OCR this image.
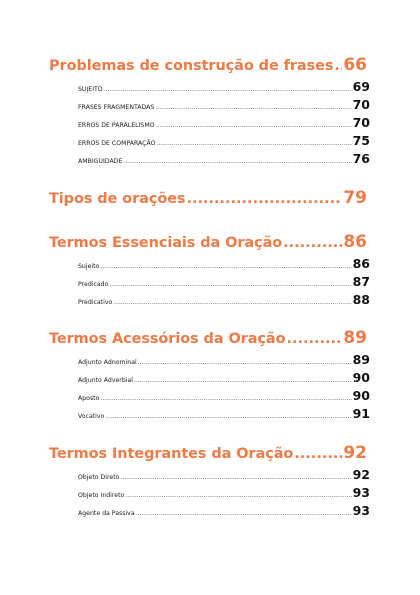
Problemas de construção de frases ..... 66
SUJEITO .....	69
FRASES FRAGMENTADAS .....	70
ERROS DE PARALELISMO .....	70
ERROS DE COMPARAÇÃO .....	75
AMBIGUIDADE .....	76
Tipos de orações .....	79
Termos Essenciais da Oração .....	86
Sujeito .....	86
Predicado .....	87
Predicativo .....	88
Termos Acessórios da Oração .....	89
Adjunto Adnominal .....	89
Adjunto Adverbial .....	90
Aposto .....	90
Vocativo .....	91
Termos Integrantes da Oração .....	92
Objeto Direto .....	92
Objeto Indireto .....	93
Agente da Passiva .....	93
